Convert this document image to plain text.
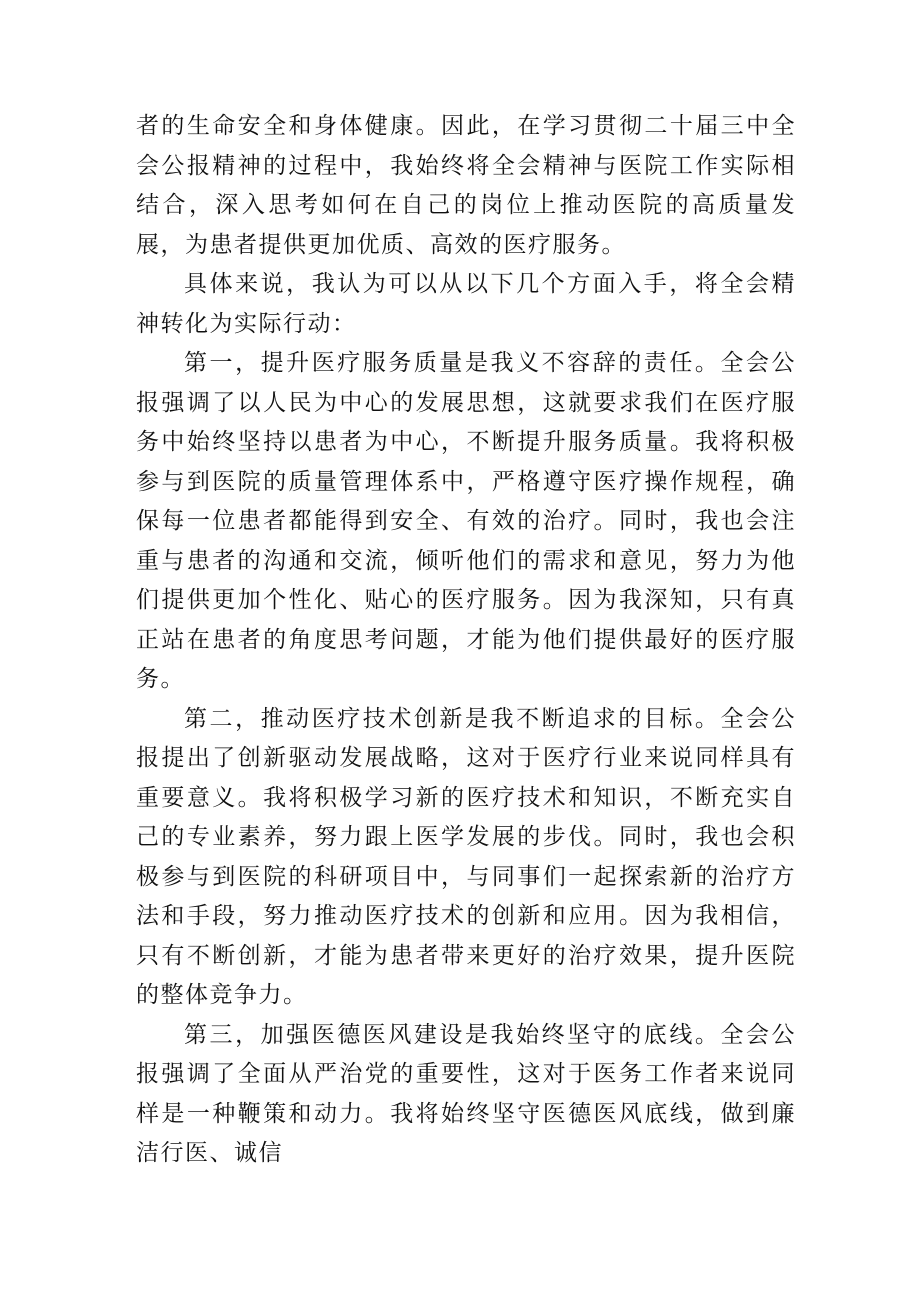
者的生命安全和身体健康。因此，在学习贯彻二十届三中全会公报精神的过程中，我始终将全会精神与医院工作实际相结合，深入思考如何在自己的岗位上推动医院的高质量发展，为患者提供更加优质、高效的医疗服务。

具体来说，我认为可以从以下几个方面入手，将全会精神转化为实际行动：

第一，提升医疗服务质量是我义不容辞的责任。全会公报强调了以人民为中心的发展思想，这就要求我们在医疗服务中始终坚持以患者为中心，不断提升服务质量。我将积极参与到医院的质量管理体系中，严格遵守医疗操作规程，确保每一位患者都能得到安全、有效的治疗。同时，我也会注重与患者的沟通和交流，倾听他们的需求和意见，努力为他们提供更加个性化、贴心的医疗服务。因为我深知，只有真正站在患者的角度思考问题，才能为他们提供最好的医疗服务。

第二，推动医疗技术创新是我不断追求的目标。全会公报提出了创新驱动发展战略，这对于医疗行业来说同样具有重要意义。我将积极学习新的医疗技术和知识，不断充实自己的专业素养，努力跟上医学发展的步伐。同时，我也会积极参与到医院的科研项目中，与同事们一起探索新的治疗方法和手段，努力推动医疗技术的创新和应用。因为我相信，只有不断创新，才能为患者带来更好的治疗效果，提升医院的整体竞争力。

第三，加强医德医风建设是我始终坚守的底线。全会公报强调了全面从严治党的重要性，这对于医务工作者来说同样是一种鞭策和动力。我将始终坚守医德医风底线，做到廉洁行医、诚信
